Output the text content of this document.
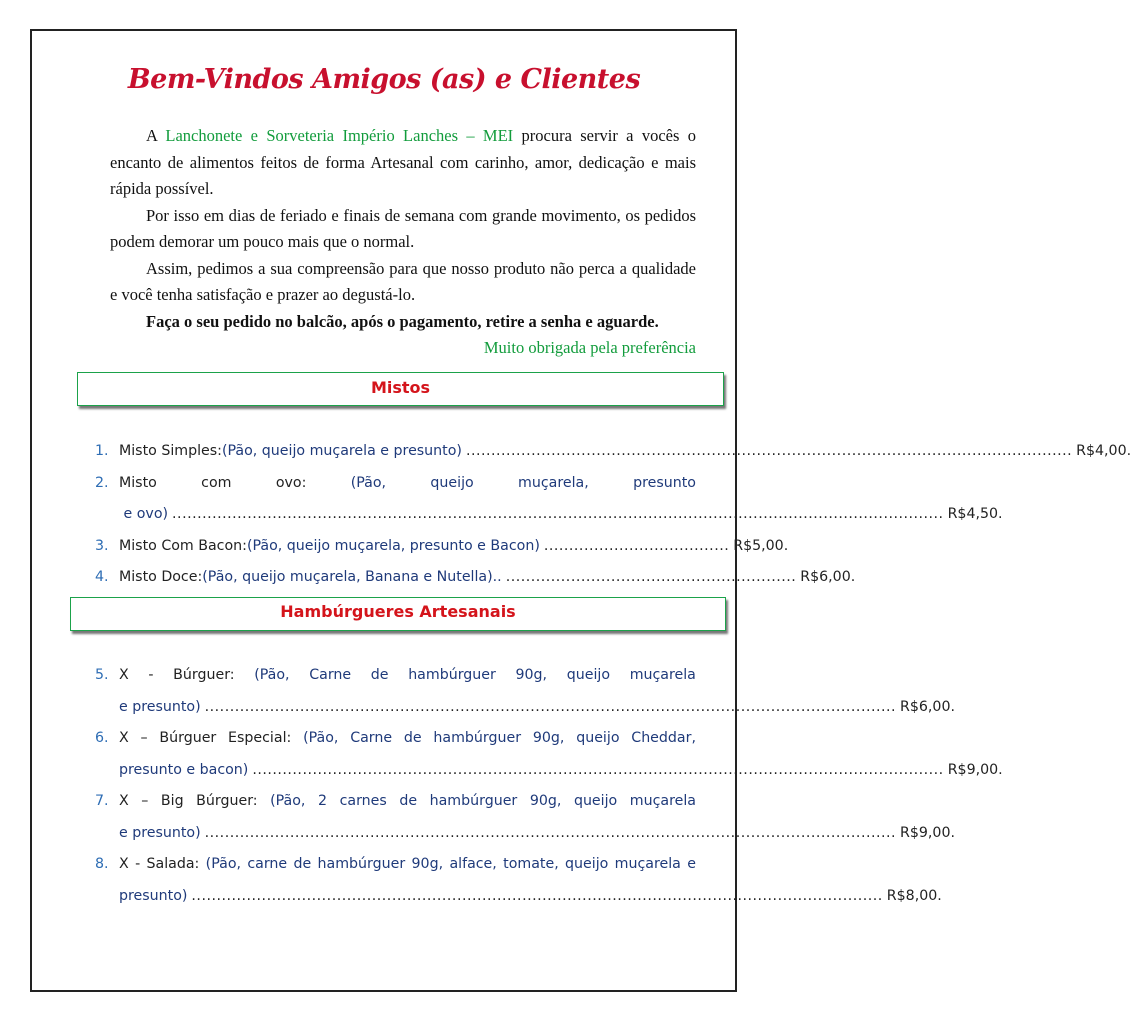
Bem-Vindos Amigos (as) e Clientes

A Lanchonete e Sorveteria Império Lanches – MEI procura servir a vocês o encanto de alimentos feitos de forma Artesanal com carinho, amor, dedicação e mais rápida possível.

Por isso em dias de feriado e finais de semana com grande movimento, os pedidos podem demorar um pouco mais que o normal.

Assim, pedimos a sua compreensão para que nosso produto não perca a qualidade e você tenha satisfação e prazer ao degustá-lo.

Faça o seu pedido no balcão, após o pagamento, retire a senha e aguarde.

Muito obrigada pela preferência

Mistos
1. Misto Simples: (Pão, queijo muçarela e presunto) ......................................................................................................................... R$4,00.
2. Misto	com	ovo:	(Pão,	queijo	muçarela,	presunto
e ovo) .......................................................................................................................................................... R$4,50.
3. Misto Com Bacon: (Pão, queijo muçarela, presunto e Bacon) ..................................... R$5,00.
4. Misto Doce: (Pão, queijo muçarela, Banana e Nutella).. .......................................................... R$6,00.
Hambúrgueres Artesanais
5. X - Búrguer: (Pão, Carne de hambúrguer 90g, queijo muçarela
e presunto) .......................................................................................................................................... R$6,00.
6. X – Búrguer Especial: (Pão, Carne de hambúrguer 90g, queijo Cheddar,
presunto e bacon) .......................................................................................................................................... R$9,00.
7. X – Big Búrguer: (Pão, 2 carnes de hambúrguer 90g, queijo muçarela
e presunto) .......................................................................................................................................... R$9,00.
8. X - Salada: (Pão, carne de hambúrguer 90g, alface, tomate, queijo muçarela e
presunto) .......................................................................................................................................... R$8,00.
